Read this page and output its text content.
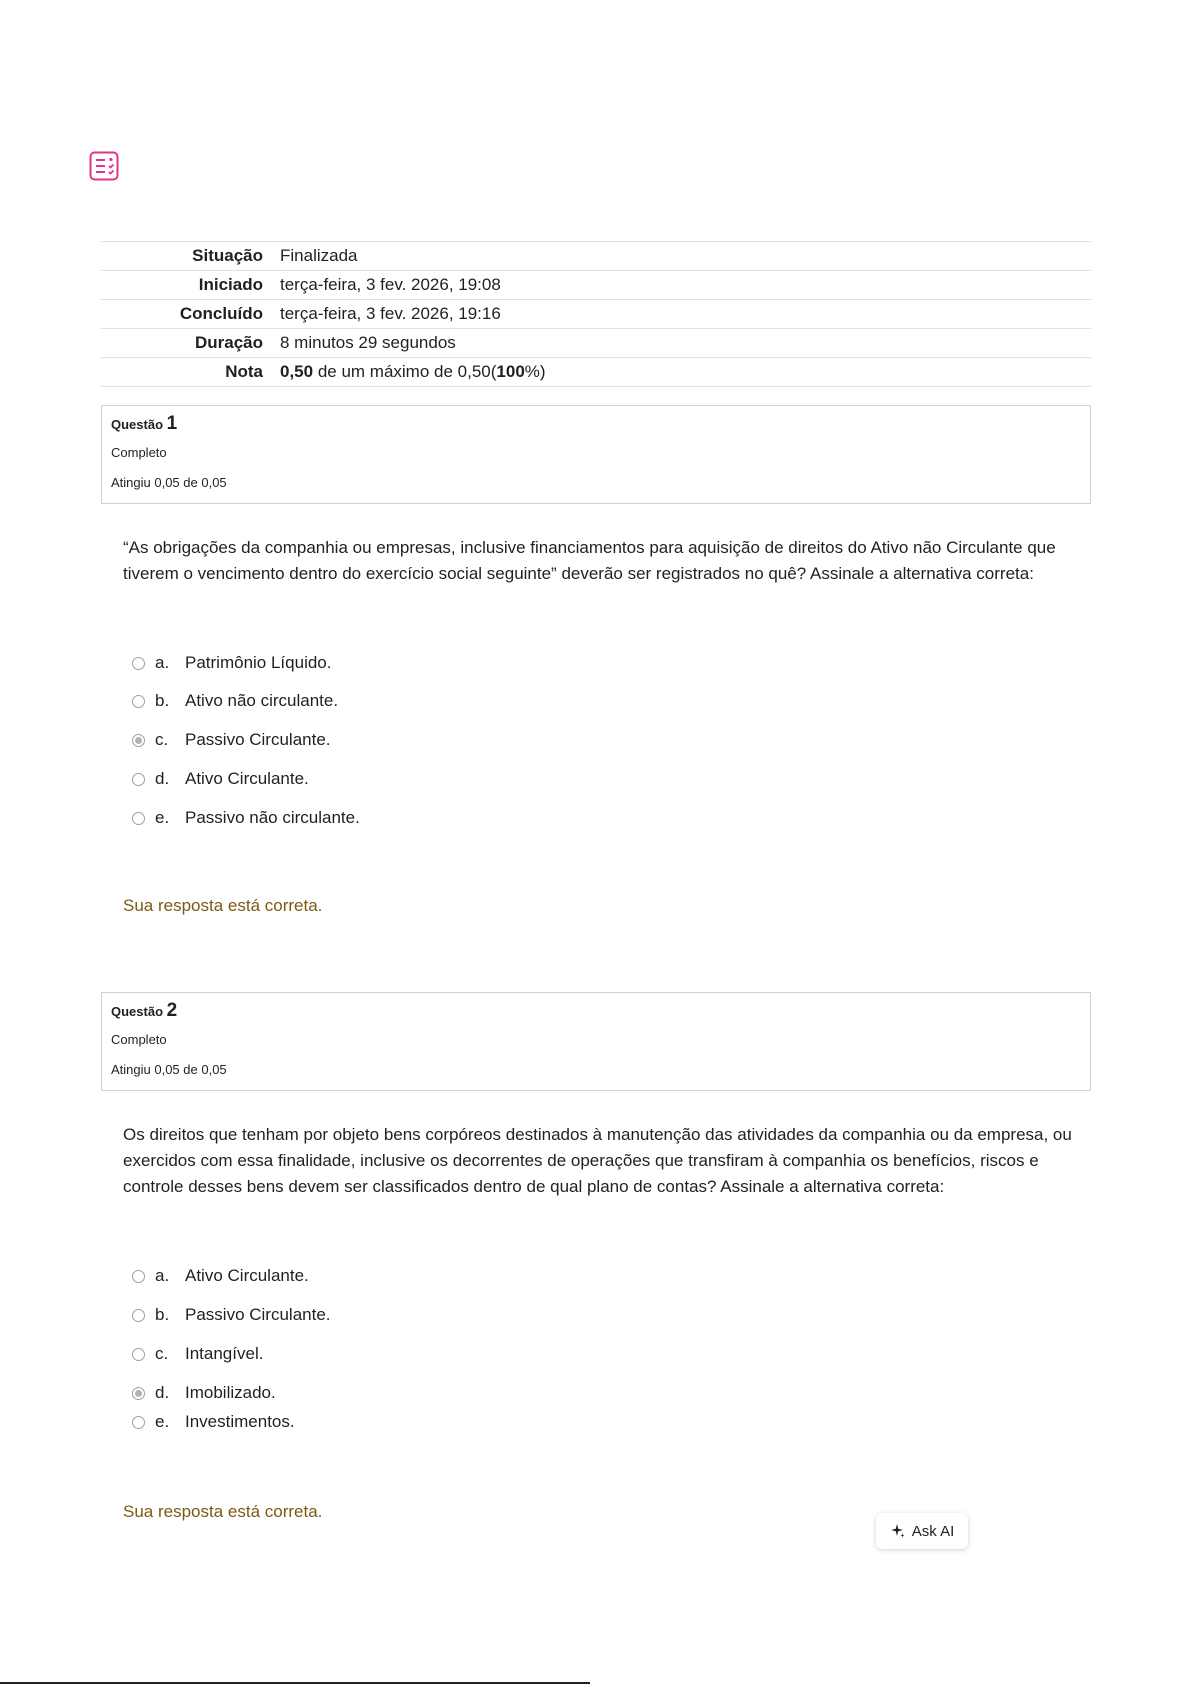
Situação	Finalizada
Iniciado	terça-feira, 3 fev. 2026, 19:08
Concluído	terça-feira, 3 fev. 2026, 19:16
Duração	8 minutos 29 segundos
Nota	0,50 de um máximo de 0,50(100%)
Questão 1
Completo
Atingiu 0,05 de 0,05
“As obrigações da companhia ou empresas, inclusive financiamentos para aquisição de direitos do Ativo não Circulante que tiverem o vencimento dentro do exercício social seguinte” deverão ser registrados no quê? Assinale a alternativa correta:
a. Patrimônio Líquido.
b. Ativo não circulante.
c. Passivo Circulante.
d. Ativo Circulante.
e. Passivo não circulante.
Sua resposta está correta.
Questão 2
Completo
Atingiu 0,05 de 0,05
Os direitos que tenham por objeto bens corpóreos destinados à manutenção das atividades da companhia ou da empresa, ou exercidos com essa finalidade, inclusive os decorrentes de operações que transfiram à companhia os benefícios, riscos e controle desses bens devem ser classificados dentro de qual plano de contas? Assinale a alternativa correta:
a. Ativo Circulante.
b. Passivo Circulante.
c. Intangível.
d. Imobilizado.
e. Investimentos.
Sua resposta está correta.
Ask AI
